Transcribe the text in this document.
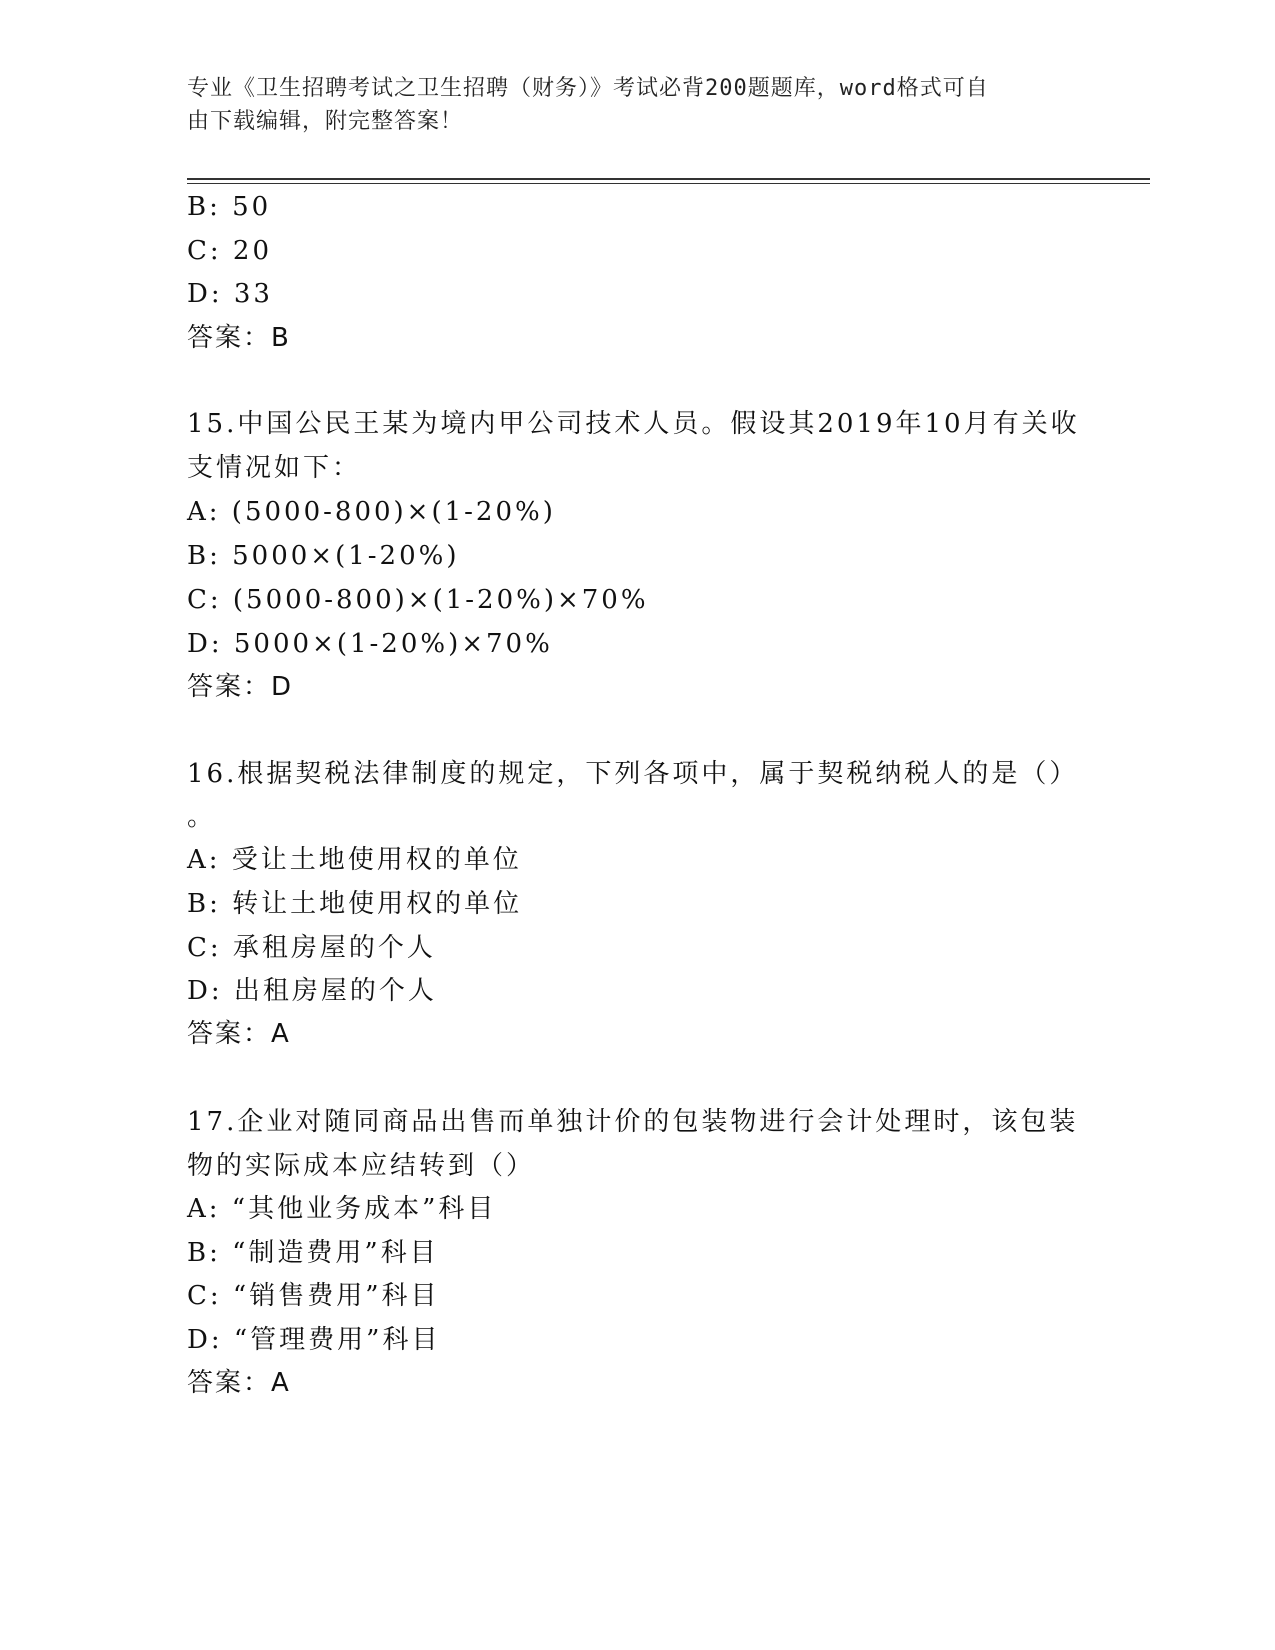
专业《卫生招聘考试之卫生招聘（财务）》考试必背200题题库，word格式可自
由下载编辑，附完整答案！
B: 50
C: 20
D: 33
答案：B
15.中国公民王某为境内甲公司技术人员。假设其2019年10月有关收
支情况如下：
A: (5000-800)×(1-20%)
B: 5000×(1-20%)
C: (5000-800)×(1-20%)×70%
D: 5000×(1-20%)×70%
答案：D
16.根据契税法律制度的规定，下列各项中，属于契税纳税人的是（）
。
A: 受让土地使用权的单位
B: 转让土地使用权的单位
C: 承租房屋的个人
D: 出租房屋的个人
答案：A
17.企业对随同商品出售而单独计价的包装物进行会计处理时，该包装
物的实际成本应结转到（）
A: “其他业务成本”科目
B: “制造费用”科目
C: “销售费用”科目
D: “管理费用”科目
答案：A
